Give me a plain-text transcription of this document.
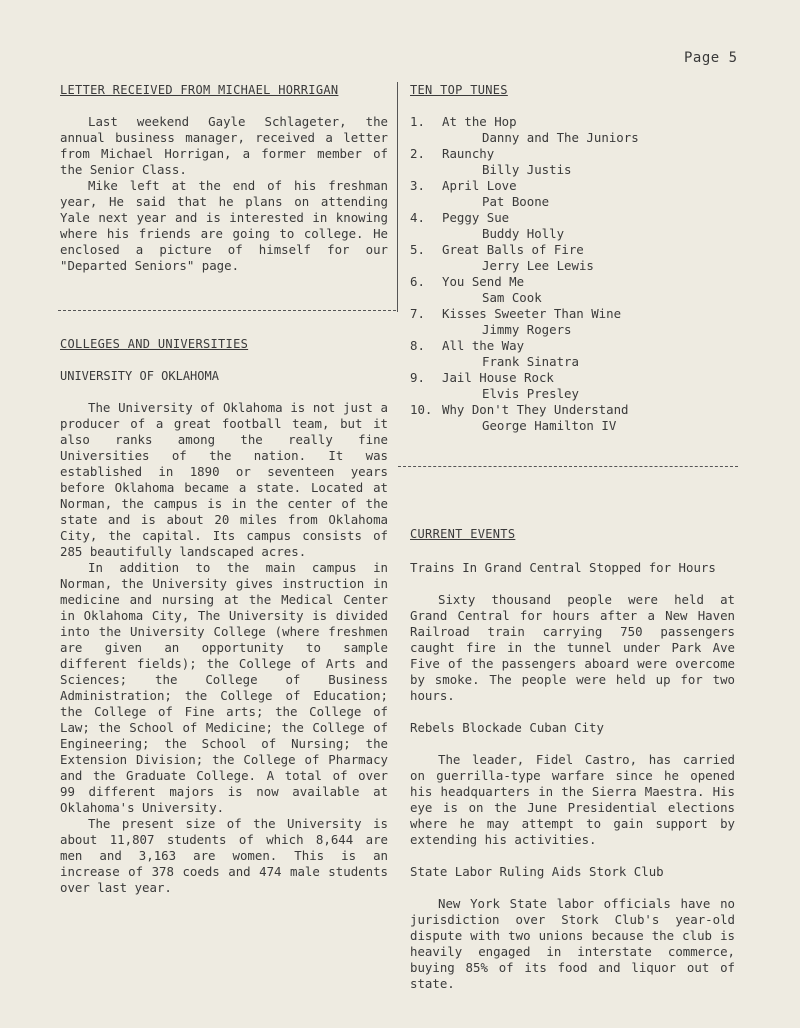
Page 5
LETTER RECEIVED FROM MICHAEL HORRIGAN

Last weekend Gayle Schlageter, the annual business manager, received a letter from Michael Horrigan, a former member of the Senior Class.

Mike left at the end of his freshman year, He said that he plans on attending Yale next year and is interested in knowing where his friends are going to college. He enclosed a picture of himself for our "Departed Seniors" page.

COLLEGES AND UNIVERSITIES
UNIVERSITY OF OKLAHOMA

The University of Oklahoma is not just a producer of a great football team, but it also ranks among the really fine Universities of the nation. It was established in 1890 or seventeen years before Oklahoma became a state. Located at Norman, the campus is in the center of the state and is about 20 miles from Oklahoma City, the capital. Its campus consists of 285 beautifully landscaped acres.

In addition to the main campus in Norman, the University gives instruction in medicine and nursing at the Medical Center in Oklahoma City, The University is divided into the University College (where freshmen are given an opportunity to sample different fields); the College of Arts and Sciences; the College of Business Administration; the College of Education; the College of Fine arts; the College of Law; the School of Medicine; the College of Engineering; the School of Nursing; the Extension Division; the College of Pharmacy and the Graduate College. A total of over 99 different majors is now available at Oklahoma's University.

The present size of the University is about 11,807 students of which 8,644 are men and 3,163 are women. This is an increase of 378 coeds and 474 male students over last year.

TEN TOP TUNES
1.	At the Hop
Danny and The Juniors
2.	Raunchy
Billy Justis
3.	April Love
Pat Boone
4.	Peggy Sue
Buddy Holly
5.	Great Balls of Fire
Jerry Lee Lewis
6.	You Send Me
Sam Cook
7.	Kisses Sweeter Than Wine
Jimmy Rogers
8.	All the Way
Frank Sinatra
9.	Jail House Rock
Elvis Presley
10. Why Don't They Understand
George Hamilton IV
CURRENT EVENTS
Trains In Grand Central Stopped for Hours

Sixty thousand people were held at Grand Central for hours after a New Haven Railroad train carrying 750 passengers caught fire in the tunnel under Park Ave Five of the passengers aboard were overcome by smoke. The people were held up for two hours.

Rebels Blockade Cuban City

The leader, Fidel Castro, has carried on guerrilla-type warfare since he opened his headquarters in the Sierra Maestra. His eye is on the June Presidential elections where he may attempt to gain support by extending his activities.

State Labor Ruling Aids Stork Club

New York State labor officials have no jurisdiction over Stork Club's year-old dispute with two unions because the club is heavily engaged in interstate commerce, buying 85% of its food and liquor out of state.
